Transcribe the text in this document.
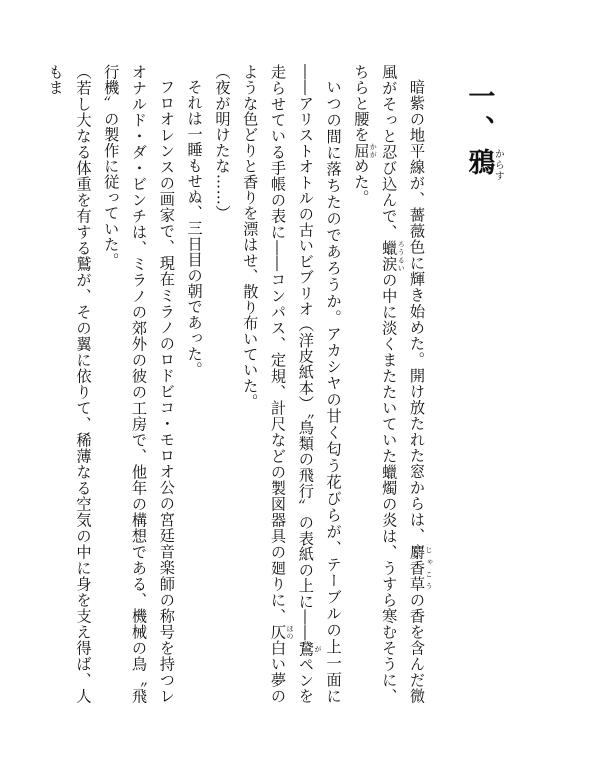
一、鴉からす

暗紫の地平線が、薔薇色に輝き始めた。開け放たれた窓からは、麝香草 じゃこうの香を含んだ微風がそっと忍び込んで、蠟涙 ろうるいの中に淡くまたたいていた蠟燭の炎は、うすら寒むそうに、ちらと腰を屈 かがめた。

いつの間に落ちたのであろうか。アカシヤの甘く匂う花びらが、テーブルの上一面に――アリストオトルの古いビブリオ（洋皮紙本）〝鳥類の飛行〟の表紙の上に――鵞 がペンを走らせている手帳の表に――コンパス、定規、計尺などの製図器具の廻りに、仄 ほの白い夢のような色どりと香りを漂はせ、散り布いていた。

（夜が明けたな……）

それは一睡もせぬ、三日目の朝であった。

フロオレンスの画家で、現在ミラノのロドビコ・モロオ公の宮廷音楽師の称号を持つレオナルド・ダ・ビンチは、ミラノの郊外の彼の工房で、他年の構想である、機械の鳥〝飛行機〟の製作に従っていた。

（若し大なる体重を有する鷲が、その翼に依りて、稀薄なる空気の中に身を支え得ば、人もま
